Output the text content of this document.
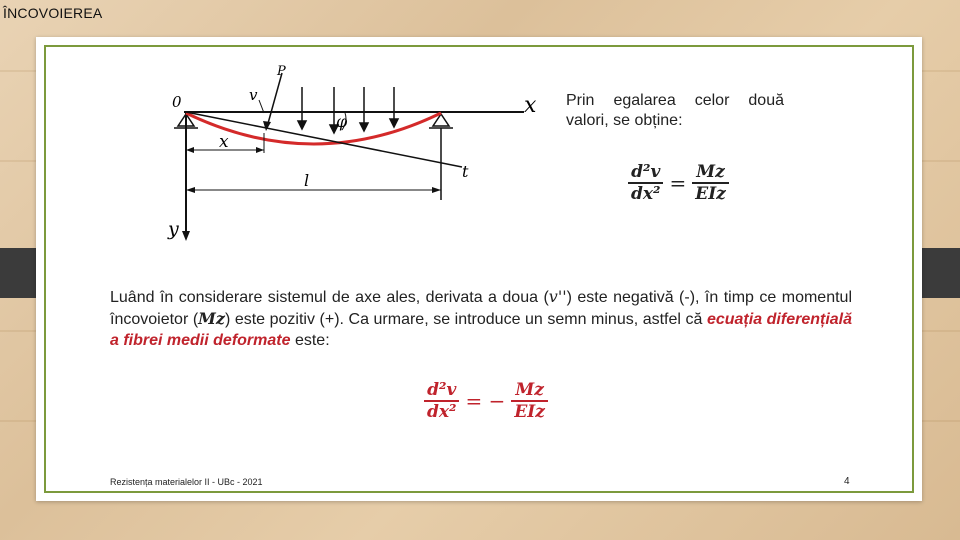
ÎNCOVOIEREA
0	x
y
P
v
φ
x
l	t
Prin egalarea celor două valori, se obține:
$\frac{\text{d²v}}{\text{dx²}} = \frac{Mz}{\text{EIz}}$
Luând în considerare sistemul de axe ales, derivata a doua (v'') este negativă (-), în timp ce momentul încovoietor (Mz) este pozitiv (+). Ca urmare, se introduce un semn minus, astfel că ecuația diferențială a fibrei medii deformate este:
$\frac{\text{d²v}}{\text{dx²}}$ = − $\frac{Mz}{\text{EIz}}$
Rezistența materialelor II - UBc - 2021	4
